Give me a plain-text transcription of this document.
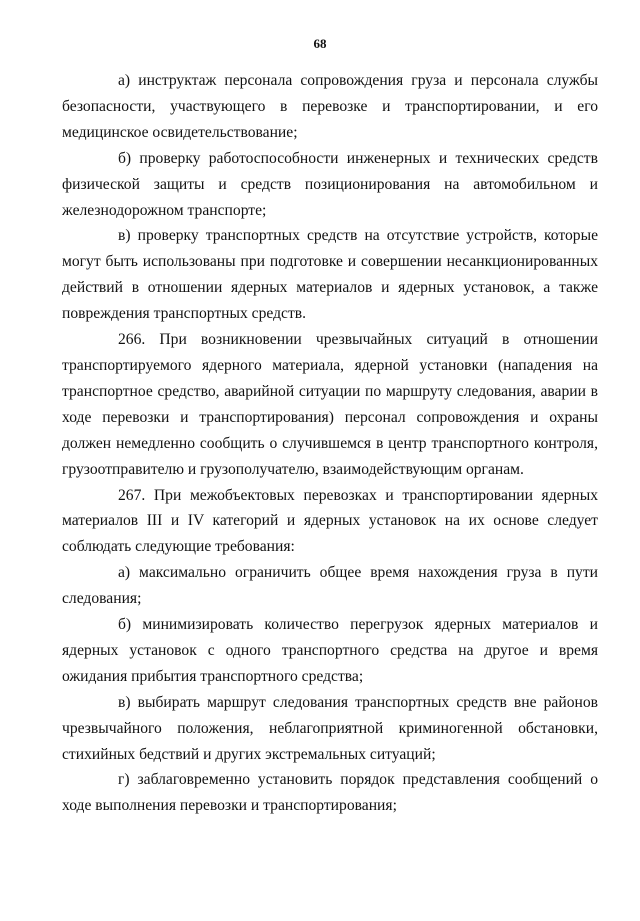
68

а) инструктаж персонала сопровождения груза и персонала службы безопасности, участвующего в перевозке и транспортировании, и его медицинское освидетельствование;

б) проверку работоспособности инженерных и технических средств физической защиты и средств позиционирования на автомобильном и железнодорожном транспорте;

в) проверку транспортных средств на отсутствие устройств, которые могут быть использованы при подготовке и совершении несанкционированных действий в отношении ядерных материалов и ядерных установок, а также повреждения транспортных средств.

266. При возникновении чрезвычайных ситуаций в отношении транспортируемого ядерного материала, ядерной установки (нападения на транспортное средство, аварийной ситуации по маршруту следования, аварии в ходе перевозки и транспортирования) персонал сопровождения и охраны должен немедленно сообщить о случившемся в центр транспортного контроля, грузоотправителю и грузополучателю, взаимодействующим органам.

267. При межобъектовых перевозках и транспортировании ядерных материалов III и IV категорий и ядерных установок на их основе следует соблюдать следующие требования:

а) максимально ограничить общее время нахождения груза в пути следования;

б) минимизировать количество перегрузок ядерных материалов и ядерных установок с одного транспортного средства на другое и время ожидания прибытия транспортного средства;

в) выбирать маршрут следования транспортных средств вне районов чрезвычайного положения, неблагоприятной криминогенной обстановки, стихийных бедствий и других экстремальных ситуаций;

г) заблаговременно установить порядок представления сообщений о ходе выполнения перевозки и транспортирования;
